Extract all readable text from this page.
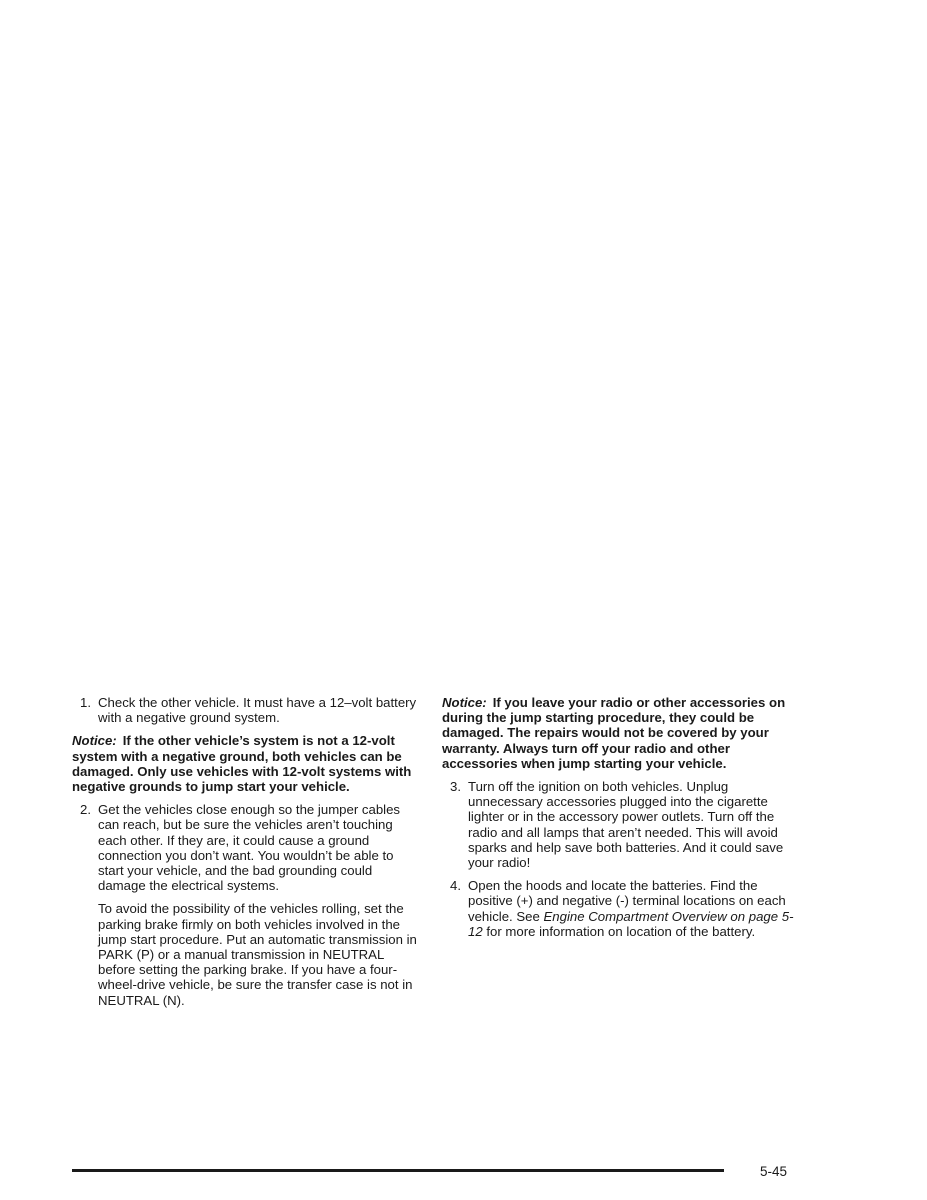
1. Check the other vehicle. It must have a 12–volt battery with a negative ground system.

Notice: If the other vehicle’s system is not a 12-volt system with a negative ground, both vehicles can be damaged. Only use vehicles with 12-volt systems with negative grounds to jump start your vehicle.

2. Get the vehicles close enough so the jumper cables can reach, but be sure the vehicles aren’t touching each other. If they are, it could cause a ground connection you don’t want. You wouldn’t be able to start your vehicle, and the bad grounding could damage the electrical systems.

To avoid the possibility of the vehicles rolling, set the parking brake firmly on both vehicles involved in the jump start procedure. Put an automatic transmission in PARK (P) or a manual transmission in NEUTRAL before setting the parking brake. If you have a four-wheel-drive vehicle, be sure the transfer case is not in NEUTRAL (N).

Notice: If you leave your radio or other accessories on during the jump starting procedure, they could be damaged. The repairs would not be covered by your warranty. Always turn off your radio and other accessories when jump starting your vehicle.

3. Turn off the ignition on both vehicles. Unplug unnecessary accessories plugged into the cigarette lighter or in the accessory power outlets. Turn off the radio and all lamps that aren’t needed. This will avoid sparks and help save both batteries. And it could save your radio!

4. Open the hoods and locate the batteries. Find the positive (+) and negative (-) terminal locations on each vehicle. See Engine Compartment Overview on page 5-12 for more information on location of the battery.

5-45
